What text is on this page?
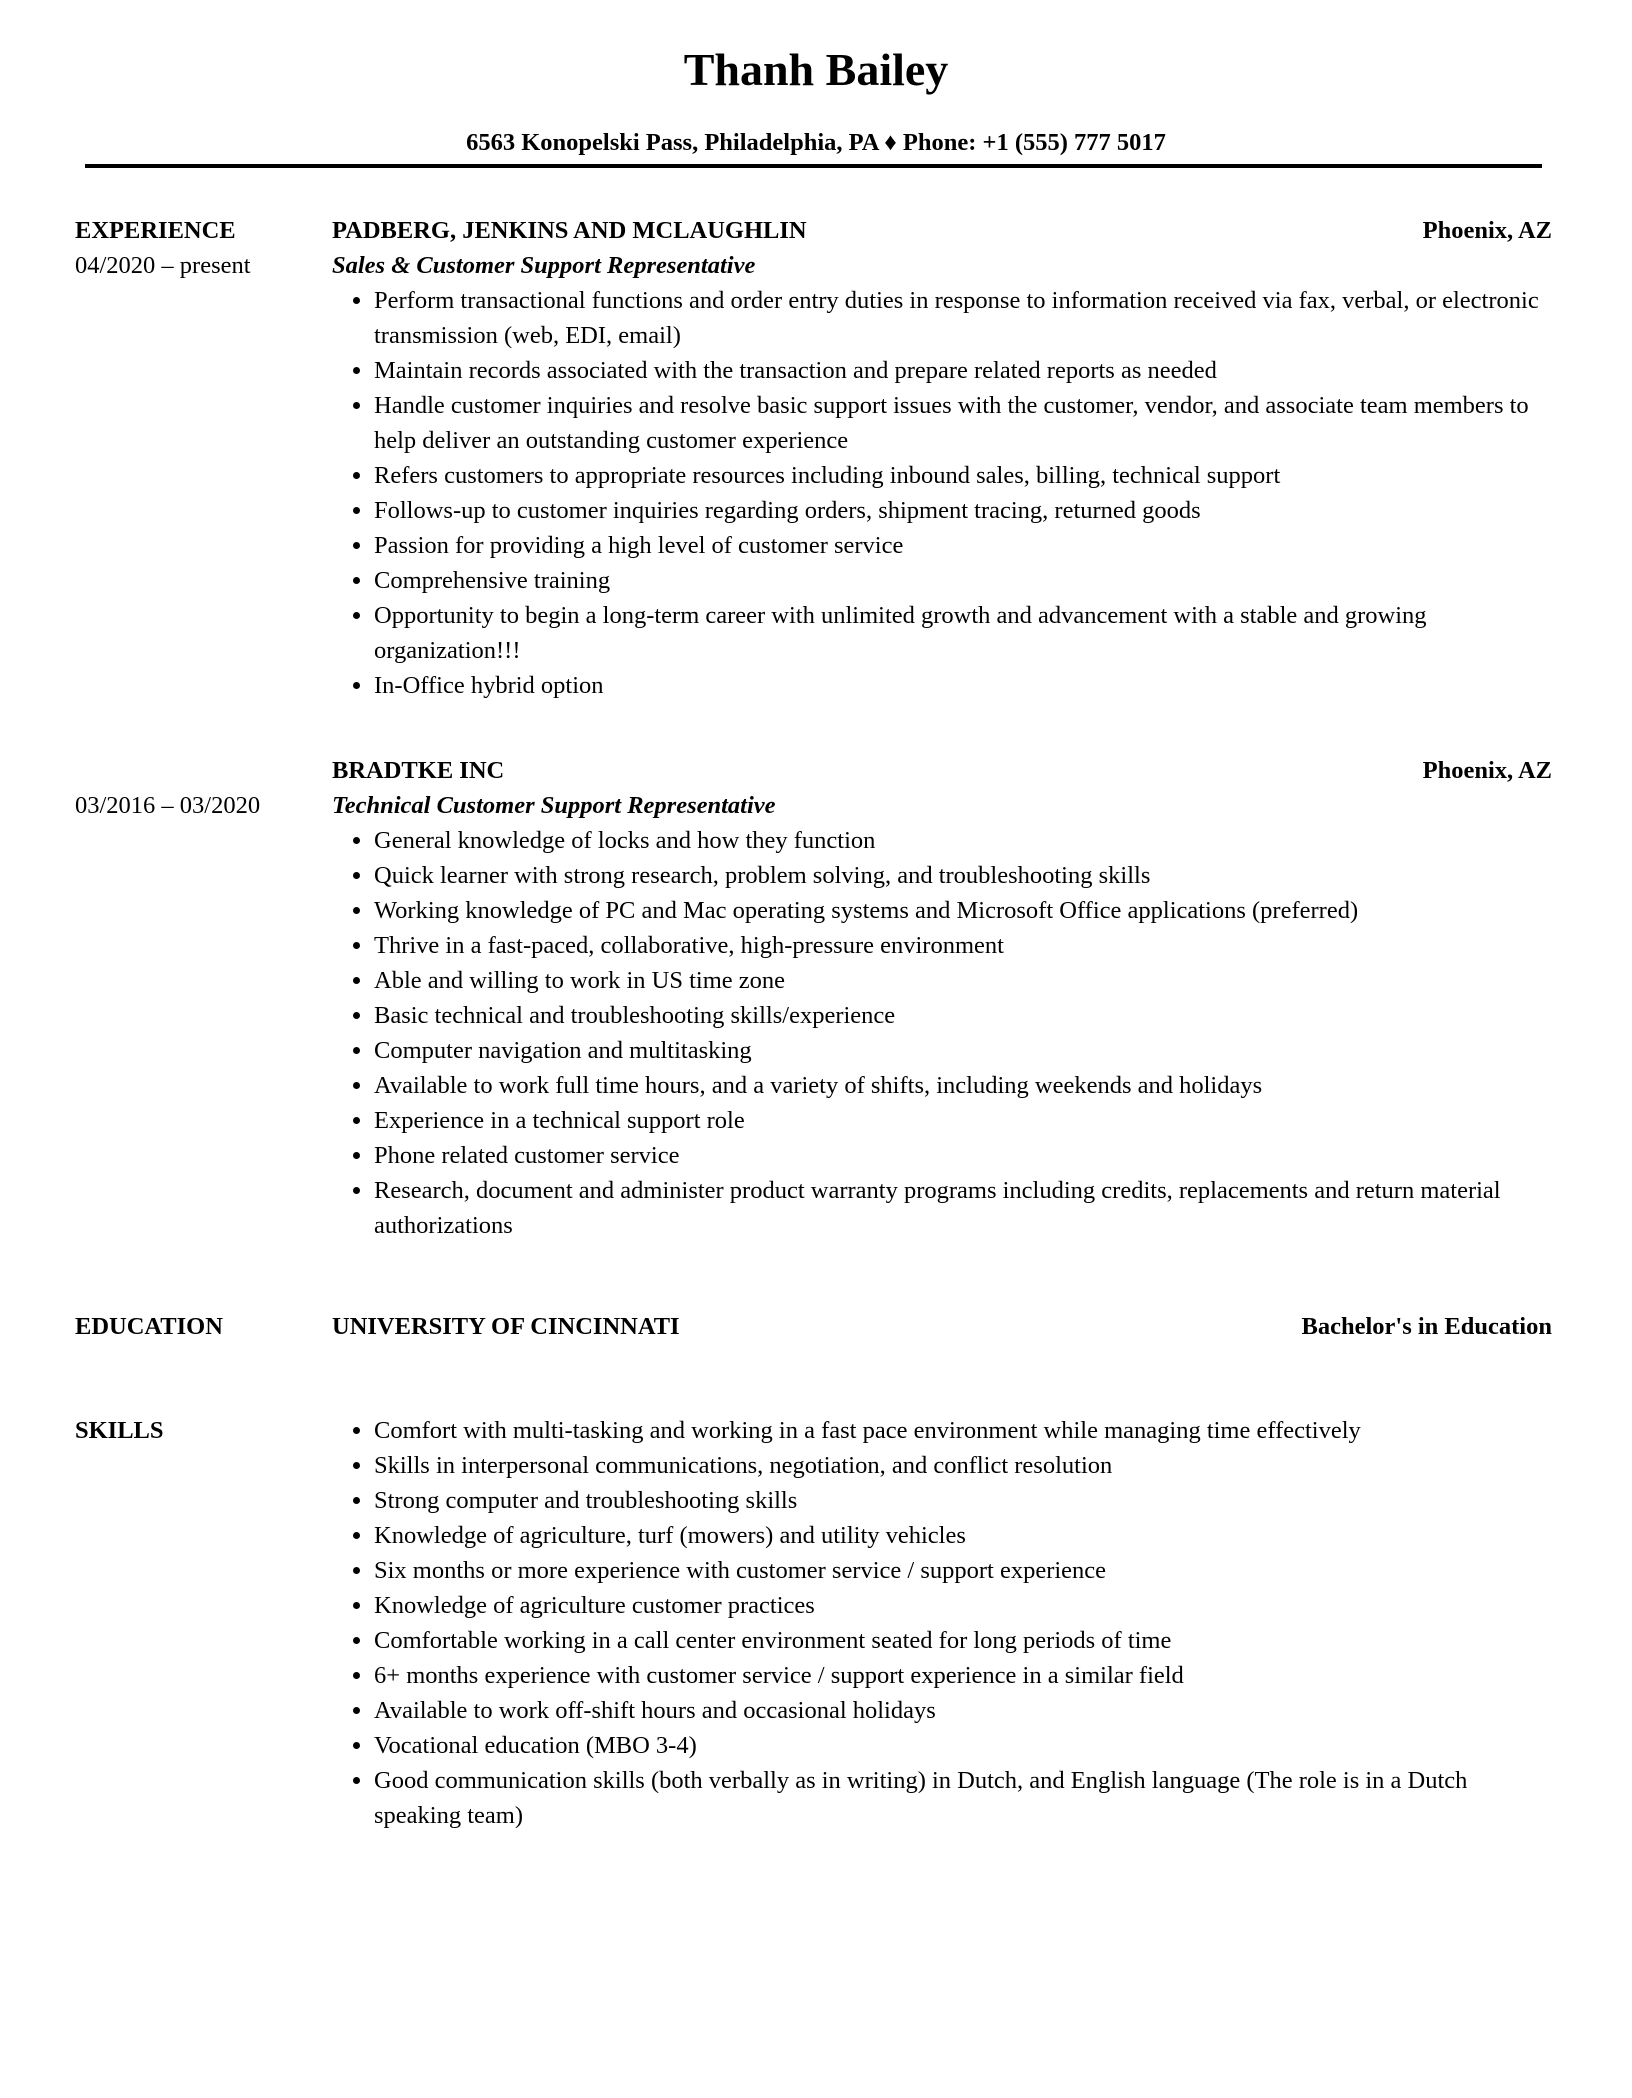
Thanh Bailey
6563 Konopelski Pass, Philadelphia, PA ♦ Phone: +1 (555) 777 5017
EXPERIENCE
04/2020 – present
PADBERG, JENKINS AND MCLAUGHLIN	Phoenix, AZ
Sales & Customer Support Representative
• Perform transactional functions and order entry duties in response to information received via fax, verbal, or electronic transmission (web, EDI, email)
• Maintain records associated with the transaction and prepare related reports as needed
• Handle customer inquiries and resolve basic support issues with the customer, vendor, and associate team members to help deliver an outstanding customer experience
• Refers customers to appropriate resources including inbound sales, billing, technical support
• Follows-up to customer inquiries regarding orders, shipment tracing, returned goods
• Passion for providing a high level of customer service
• Comprehensive training
• Opportunity to begin a long-term career with unlimited growth and advancement with a stable and growing organization!!!
• In-Office hybrid option
03/2016 – 03/2020
BRADTKE INC	Phoenix, AZ
Technical Customer Support Representative
• General knowledge of locks and how they function
• Quick learner with strong research, problem solving, and troubleshooting skills
• Working knowledge of PC and Mac operating systems and Microsoft Office applications (preferred)
• Thrive in a fast-paced, collaborative, high-pressure environment
• Able and willing to work in US time zone
• Basic technical and troubleshooting skills/experience
• Computer navigation and multitasking
• Available to work full time hours, and a variety of shifts, including weekends and holidays
• Experience in a technical support role
• Phone related customer service
• Research, document and administer product warranty programs including credits, replacements and return material authorizations
EDUCATION	UNIVERSITY OF CINCINNATI	Bachelor's in Education
SKILLS	• Comfort with multi-tasking and working in a fast pace environment while managing time effectively
• Skills in interpersonal communications, negotiation, and conflict resolution
• Strong computer and troubleshooting skills
• Knowledge of agriculture, turf (mowers) and utility vehicles
• Six months or more experience with customer service / support experience
• Knowledge of agriculture customer practices
• Comfortable working in a call center environment seated for long periods of time
• 6+ months experience with customer service / support experience in a similar field
• Available to work off-shift hours and occasional holidays
• Vocational education (MBO 3-4)
• Good communication skills (both verbally as in writing) in Dutch, and English language (The role is in a Dutch speaking team)
